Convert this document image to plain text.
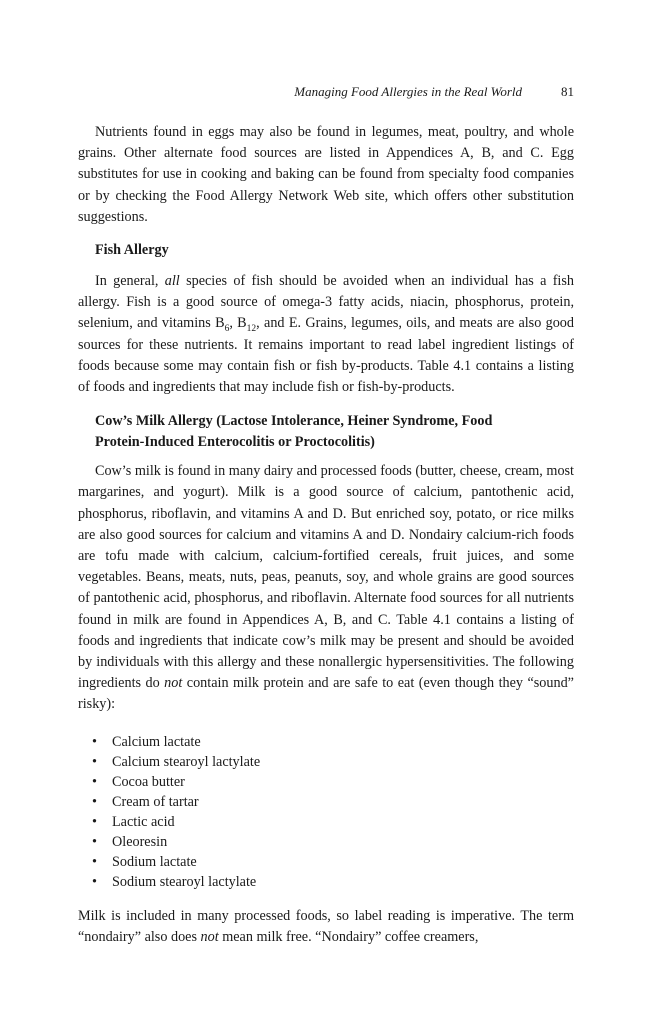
Managing Food Allergies in the Real World	81

Nutrients found in eggs may also be found in legumes, meat, poultry, and whole grains. Other alternate food sources are listed in Appendices A, B, and C. Egg substitutes for use in cooking and baking can be found from specialty food companies or by checking the Food Allergy Network Web site, which offers other substitution suggestions.

Fish Allergy

In general, all species of fish should be avoided when an individual has a fish allergy. Fish is a good source of omega-3 fatty acids, niacin, phosphorus, protein, selenium, and vitamins $B_6$, $B_{12}$, and E. Grains, legumes, oils, and meats are also good sources for these nutrients. It remains important to read label ingredient listings of foods because some may contain fish or fish by-products. Table 4.1 contains a listing of foods and ingredients that may include fish or fish-by-products.

Cow’s Milk Allergy (Lactose Intolerance, Heiner Syndrome, Food
Protein-Induced Enterocolitis or Proctocolitis)

Cow’s milk is found in many dairy and processed foods (butter, cheese, cream, most margarines, and yogurt). Milk is a good source of calcium, pantothenic acid, phosphorus, riboflavin, and vitamins A and D. But enriched soy, potato, or rice milks are also good sources for calcium and vitamins A and D. Nondairy calcium-rich foods are tofu made with calcium, calcium-fortified cereals, fruit juices, and some vegetables. Beans, meats, nuts, peas, peanuts, soy, and whole grains are good sources of pantothenic acid, phosphorus, and riboflavin. Alternate food sources for all nutrients found in milk are found in Appendices A, B, and C. Table 4.1 contains a listing of foods and ingredients that indicate cow’s milk may be present and should be avoided by individuals with this allergy and these nonallergic hypersensitivities. The following ingredients do not contain milk protein and are safe to eat (even though they “sound” risky):

• Calcium lactate
• Calcium stearoyl lactylate
• Cocoa butter
• Cream of tartar
• Lactic acid
• Oleoresin
• Sodium lactate
• Sodium stearoyl lactylate

Milk is included in many processed foods, so label reading is imperative. The term “nondairy” also does not mean milk free. “Nondairy” coffee creamers,
